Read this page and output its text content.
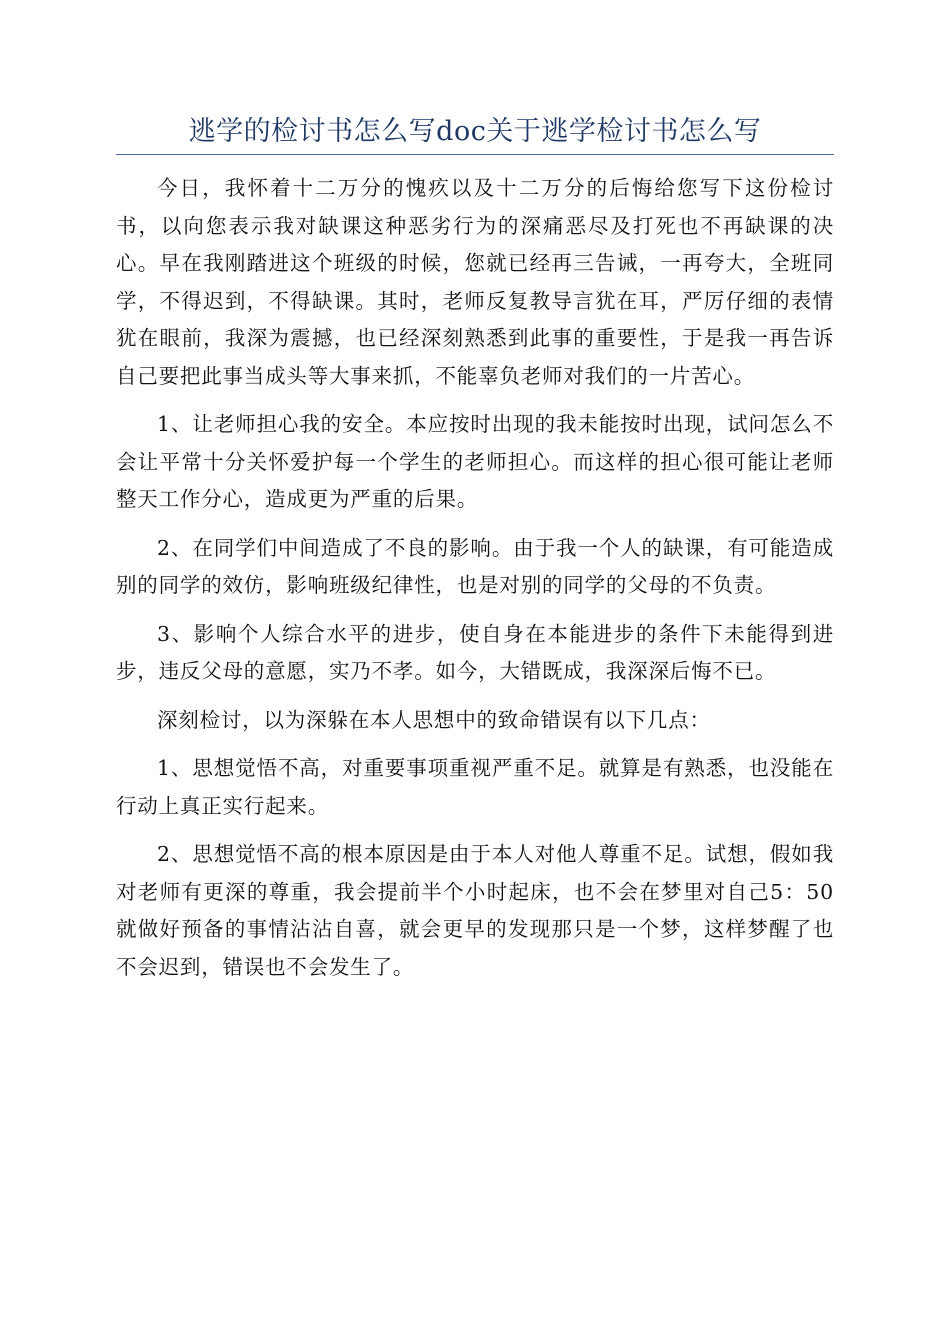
逃学的检讨书怎么写doc关于逃学检讨书怎么写

今日，我怀着十二万分的愧疚以及十二万分的后悔给您写下这份检讨书，以向您表示我对缺课这种恶劣行为的深痛恶尽及打死也不再缺课的决心。早在我刚踏进这个班级的时候，您就已经再三告诫，一再夸大，全班同学，不得迟到，不得缺课。其时，老师反复教导言犹在耳，严厉仔细的表情犹在眼前，我深为震撼，也已经深刻熟悉到此事的重要性，于是我一再告诉自己要把此事当成头等大事来抓，不能辜负老师对我们的一片苦心。

1、让老师担心我的安全。本应按时出现的我未能按时出现，试问怎么不会让平常十分关怀爱护每一个学生的老师担心。而这样的担心很可能让老师整天工作分心，造成更为严重的后果。

2、在同学们中间造成了不良的影响。由于我一个人的缺课，有可能造成别的同学的效仿，影响班级纪律性，也是对别的同学的父母的不负责。

3、影响个人综合水平的进步，使自身在本能进步的条件下未能得到进步，违反父母的意愿，实乃不孝。如今，大错既成，我深深后悔不已。

深刻检讨，以为深躲在本人思想中的致命错误有以下几点：

1、思想觉悟不高，对重要事项重视严重不足。就算是有熟悉，也没能在行动上真正实行起来。

2、思想觉悟不高的根本原因是由于本人对他人尊重不足。试想，假如我对老师有更深的尊重，我会提前半个小时起床，也不会在梦里对自己5：50就做好预备的事情沾沾自喜，就会更早的发现那只是一个梦，这样梦醒了也不会迟到，错误也不会发生了。
